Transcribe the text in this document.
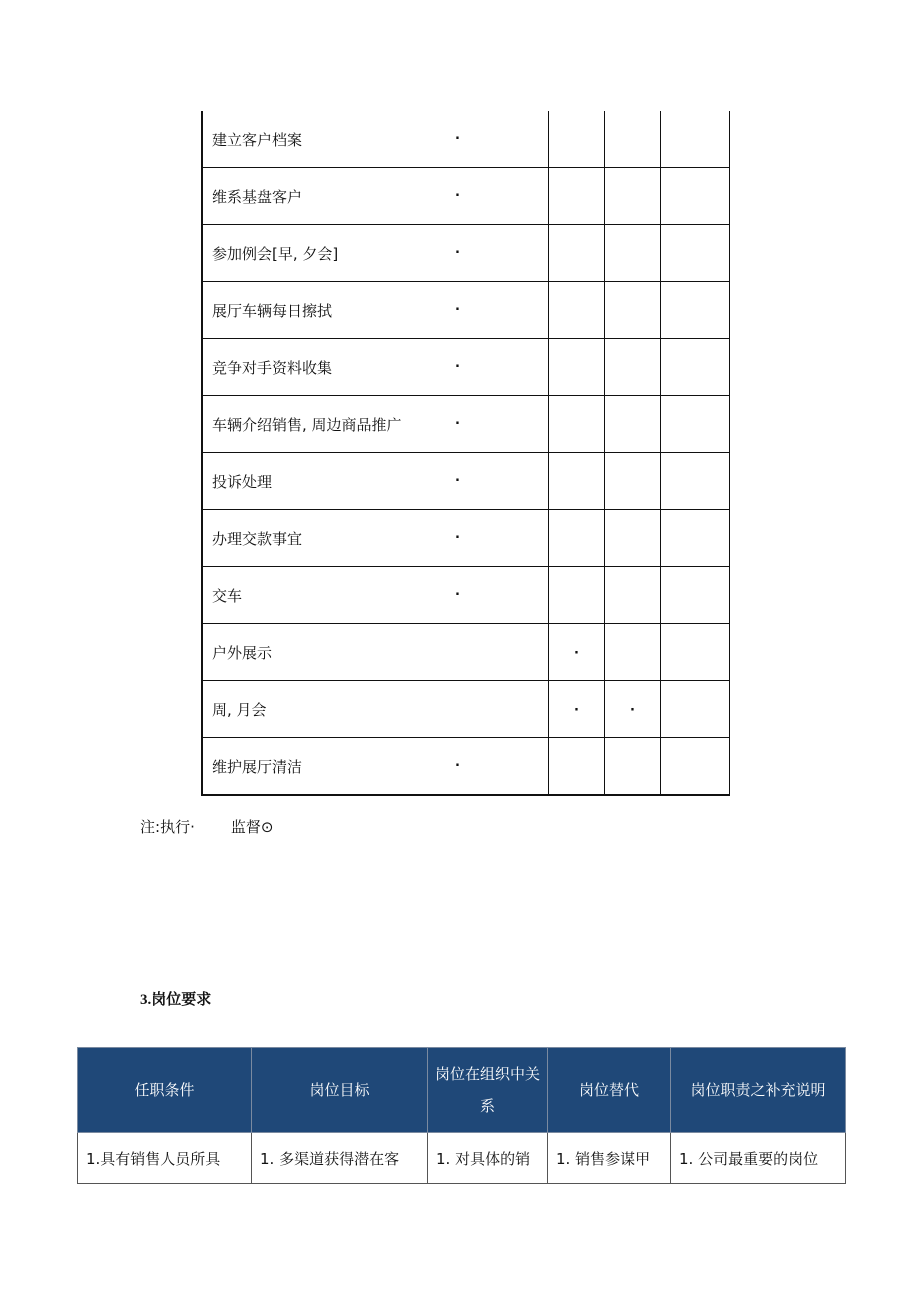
建立客户档案	·			

维系基盘客户	·			

参加例会[早, 夕会]	·			

展厅车辆每日擦拭	·			

竞争对手资料收集	·			

车辆介绍销售, 周边商品推广	·			

投诉处理	·			

办理交款事宜	·			

交车	·			

户外展示		·		
周, 月会		·	·	
维护展厅清洁	·			

注:执行· 监督⊙
3.岗位要求
任职条件	岗位目标	岗位在组织中关系	岗位替代	岗位职责之补充说明
1.具有销售人员所具	1. 多渠道获得潜在客	1. 对具体的销	1. 销售参谋甲	1. 公司最重要的岗位
